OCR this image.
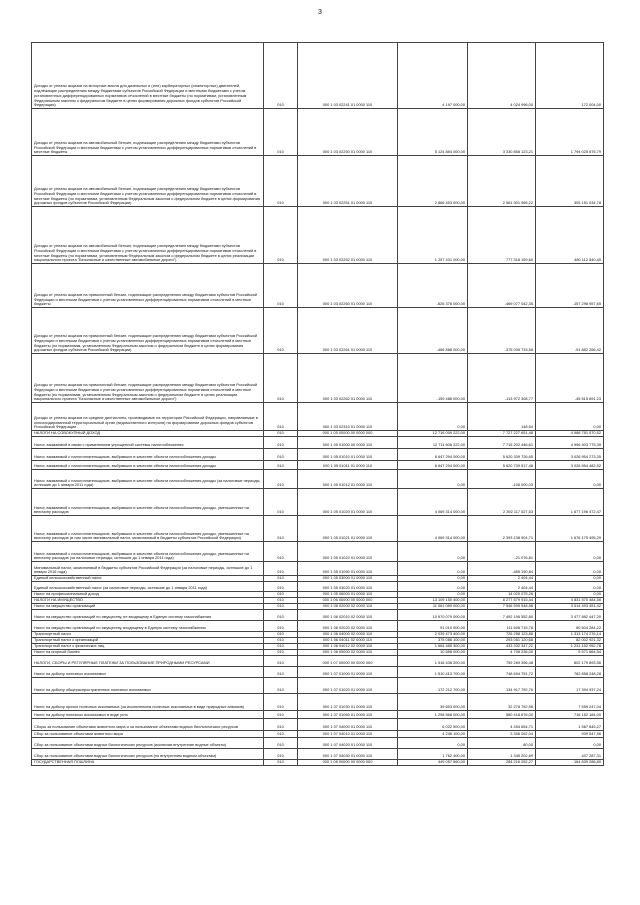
3
Доходы от уплаты акцизов на моторные масла для дизельных и (или) карбюраторных (инжекторных) двигателей, подлежащие распределению между бюджетами субъектов Российской Федерации и местными бюджетами с учетом установленных дифференцированных нормативов отчислений в местные бюджеты (по нормативам, установленным Федеральным законом о федеральном бюджете в целях формирования дорожных фондов субъектов Российской Федерации)	010	000 1 03 02241 01 0000 110	4 197 000,00	4 024 996,00	172 004,00
Доходы от уплаты акцизов на автомобильный бензин, подлежащие распределению между бюджетами субъектов Российской Федерации и местными бюджетами с учетом установленных дифференцированных нормативов отчислений в местные бюджеты	010	000 1 03 02250 01 0000 110	5 124 884 000,00	3 330 858 123,21	1 794 025 876,79
Доходы от уплаты акцизов на автомобильный бензин, подлежащие распределению между бюджетами субъектов Российской Федерации и местными бюджетами с учетом установленных дифференцированных нормативов отчислений в местные бюджеты (по нормативам, установленным Федеральным законом о федеральном бюджете в целях формирования дорожных фондов субъектов Российской Федерации)	010	000 1 03 02251 01 0000 110	2 866 453 000,00	2 561 301 965,22	305 151 034,78
Доходы от уплаты акцизов на автомобильный бензин, подлежащие распределению между бюджетами субъектов Российской Федерации и местными бюджетами с учетом установленных дифференцированных нормативов отчислений в местные бюджеты (по нормативам, установленным Федеральным законом о федеральном бюджете в целях реализации национального проекта "Безопасные и качественные автомобильные дороги")	010	000 1 03 02252 01 0000 110	1 257 431 000,00	777 318 159,60	480 112 840,40
Доходы от уплаты акцизов на прямогонный бензин, подлежащие распределению между бюджетами субъектов Российской Федерации и местными бюджетами с учетом установленных дифференцированных нормативов отчислений в местные бюджеты	010	000 1 03 02260 01 0000 110	-626 376 000,00	-469 077 042,35	-157 298 957,65
Доходы от уплаты акцизов на прямогонный бензин, подлежащие распределению между бюджетами субъектов Российской Федерации и местными бюджетами с учетом установленных дифференцированных нормативов отчислений в местные бюджеты (по нормативам, установленным Федеральным законом о федеральном бюджете в целях формирования дорожных фондов субъектов Российской Федерации)	010	000 1 03 02261 01 0000 110	-466 888 000,00	-375 005 733,58	-91 882 266,42
Доходы от уплаты акцизов на прямогонный бензин, подлежащие распределению между бюджетами субъектов Российской Федерации и местными бюджетами с учетом установленных дифференцированных нормативов отчислений в местные бюджеты (по нормативам, установленным Федеральным законом о федеральном бюджете в целях реализации национального проекта "Безопасные и качественные автомобильные дороги")	010	000 1 03 02262 01 0000 110	-159 488 000,00	-113 972 308,77	-45 515 691,23
Доходы от уплаты акцизов на средние дистилляты, производимые на территории Российской Федерации, направляемые в консолидированный территориальный орган (ведомственного контроля) на формирование дорожных фондов субъектов Российской Федерации	010	000 1 03 02310 01 0000 110	0,00	148,54	0,00
НАЛОГИ НА СОВОКУПНЫЙ ДОХОД	010	000 1 05 00000 00 0000 000	12 716 009 222,00	7 727 227 651,48	4 988 781 570,52
Налог, взимаемый в связи с применением упрощенной системы налогообложения	010	000 1 05 01000 00 0000 110	12 711 606 222,00	7 715 202 446,61	4 996 403 775,39
Налог, взимаемый с налогоплательщиков, выбравших в качестве объекта налогообложения доходы	010	000 1 05 01010 01 0000 110	8 647 294 000,00	5 620 339 726,65	3 026 954 273,35
Налог, взимаемый с налогоплательщиков, выбравших в качестве объекта налогообложения доходы	010	000 1 05 01011 01 0000 110	8 647 294 000,00	5 620 739 517,48	3 026 554 482,52
Налог, взимаемый с налогоплательщиков, выбравших в качестве объекта налогообложения доходы (за налоговые периоды, истекшие до 1 января 2011 года)	010	000 1 05 01012 01 0000 110	0,00	-106 000,03	0,00
Налог, взимаемый с налогоплательщиков, выбравших в качестве объекта налогообложения доходы, уменьшенные на величину расходов	010	000 1 05 01020 01 0000 110	4 069 314 000,00	2 392 117 527,53	1 677 196 472,47
Налог, взимаемый с налогоплательщиков, выбравших в качестве объекта налогообложения доходы, уменьшенные на величину расходов (в том числе минимальный налог, зачисляемый в бюджеты субъектов Российской Федерации)	010	000 1 05 01021 01 0000 110	4 069 314 000,00	2 393 138 504,71	1 676 175 495,29
Налог, взимаемый с налогоплательщиков, выбравших в качестве объекта налогообложения доходы, уменьшенные на величину расходов (за налоговые периоды, истекшие до 1 января 2011 года)	010	000 1 05 01022 01 0000 110	0,00	-21 076,81	0,00
Минимальный налог, зачисляемый в бюджеты субъектов Российской Федерации (за налоговые периоды, истекшие до 1 января 2016 года)	010	000 1 05 01050 01 0000 110	0,00	-485 190,84	0,00
Единый сельскохозяйственный налог	010	000 1 05 03000 01 0000 110	0,00	2 404,44	0,00
Единый сельскохозяйственный налог (за налоговые периоды, истекшие до 1 января 2011 года)	010	000 1 05 03020 01 0000 110	0,00	2 404,44	0,00
Налог на профессиональный доход	010	000 1 05 06000 01 0000 110	0,00	14 020 075,26	0,00
НАЛОГИ НА ИМУЩЕСТВО	010	000 1 06 00000 00 0000 000	13 109 150 400,00	8 277 579 915,44	4 831 570 484,56
Налог на имущество организаций	010	000 1 06 02000 02 0000 110	11 061 089 000,00	7 546 595 548,58	3 514 493 451,42
Налог на имущество организаций по имуществу, не входящему в Единую систему газоснабжения	010	000 1 06 02010 02 0000 110	10 970 079 000,00	7 492 196 552,80	3 477 882 447,20
Налог на имущество организаций по имуществу, входящему в Единую систему газоснабжения	010	000 1 06 02020 02 0000 110	91 010 000,00	111 606 715,78	80 504 284,22
Транспортный налог	010	000 1 06 04000 02 0000 110	2 039 473 400,00	726 258 123,86	1 313 174 276,14
Транспортный налог с организаций	010	000 1 06 04011 02 0000 110	375 086 100,00	293 051 120,68	82 002 921,32
Транспортный налог с физических лиц	010	000 1 06 04012 02 0000 110	1 664 485 300,00	433 332 347,22	1 231 152 952,78
Налог на игорный бизнес	010	000 1 06 05000 02 0000 110	10 588 000,00	4 706 236,00	5 571 664,54
НАЛОГИ, СБОРЫ И РЕГУЛЯРНЫЕ ПЛАТЕЖИ ЗА ПОЛЬЗОВАНИЕ ПРИРОДНЫМИ РЕСУРСАМИ	010	000 1 07 00000 00 0000 000	1 516 436 200,00	759 269 396,48	802 179 893,56
Налог на добычу полезных ископаемых	010	000 1 07 01000 01 0000 110	1 510 413 700,00	748 604 751,72	762 858 248,28
Налог на добычу общераспространенных полезных ископаемых	010	000 1 07 01020 01 0000 110	172 212 700,00	134 917 792,76	17 394 937,24
Налог на добычу прочих полезных ископаемых (за исключением полезных ископаемых в виде природных алмазов)	010	000 1 07 01030 01 0000 110	39 653 000,00	32 278 752,96	7 559 247,04
Налог на добычу полезных ископаемых в виде угля	010	000 1 07 01060 01 0000 110	1 298 568 000,00	580 418 676,00	716 152 184,00
Сборы за пользование объектами животного мира и за пользование объектами водных биологических ресурсов	010	000 1 07 04000 01 0000 110	6 022 500,00	4 454 654,71	1 567 845,27
Сбор за пользование объектами животного мира	010	000 1 07 04010 01 0000 110	4 246 100,00	3 306 052,04	939 547,96
Сбор за пользование объектами водных биологических ресурсов (исключая внутренние водные объекты)	010	000 1 07 04020 01 0000 110	0,00	80,00	0,00
Сбор за пользование объектами водных биологических ресурсов (по внутренним водным объектам)	010	000 1 07 04030 01 0000 110	1 762 400,00	1 345 202,69	437 287,31
ГОСУДАРСТВЕННАЯ ПОШЛИНА	010	000 1 08 00000 00 0000 000	449 057 560,00	284 216 052,27	164 839 286,80
